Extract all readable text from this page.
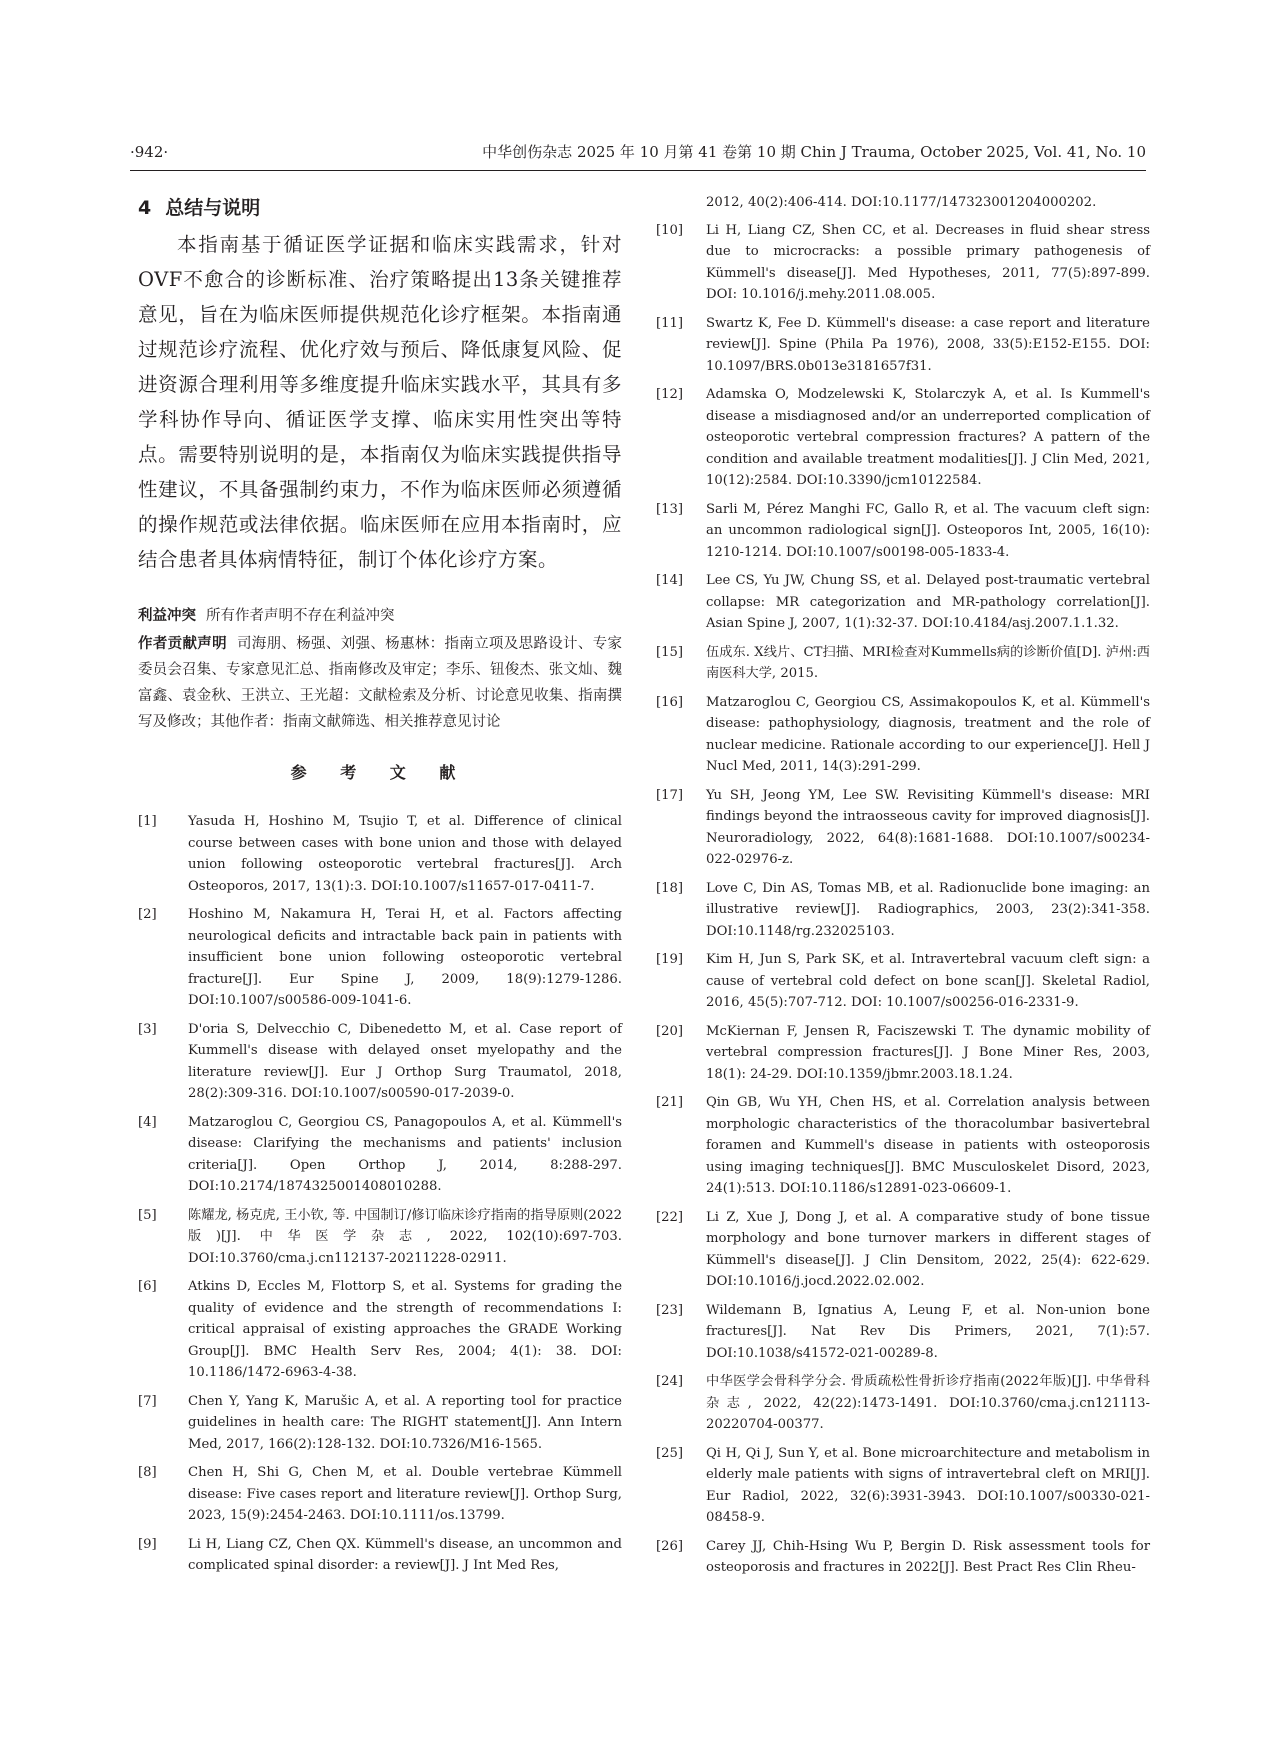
·942·	中华创伤杂志 2025 年 10 月第 41 卷第 10 期 Chin J Trauma, October 2025, Vol. 41, No. 10
4 总结与说明

本指南基于循证医学证据和临床实践需求，针对OVF不愈合的诊断标准、治疗策略提出13条关键推荐意见，旨在为临床医师提供规范化诊疗框架。本指南通过规范诊疗流程、优化疗效与预后、降低康复风险、促进资源合理利用等多维度提升临床实践水平，其具有多学科协作导向、循证医学支撑、临床实用性突出等特点。需要特别说明的是，本指南仅为临床实践提供指导性建议，不具备强制约束力，不作为临床医师必须遵循的操作规范或法律依据。临床医师在应用本指南时，应结合患者具体病情特征，制订个体化诊疗方案。

利益冲突 所有作者声明不存在利益冲突

作者贡献声明 司海朋、杨强、刘强、杨惠林：指南立项及思路设计、专家委员会召集、专家意见汇总、指南修改及审定；李乐、钮俊杰、张文灿、魏富鑫、袁金秋、王洪立、王光超：文献检索及分析、讨论意见收集、指南撰写及修改；其他作者：指南文献筛选、相关推荐意见讨论

参 考 文 献
[1]	Yasuda H, Hoshino M, Tsujio T, et al. Difference of clinical course between cases with bone union and those with delayed union following osteoporotic vertebral fractures[J]. Arch Osteoporos, 2017, 13(1):3. DOI:10.1007/s11657-017-0411-7.
[2]	Hoshino M, Nakamura H, Terai H, et al. Factors affecting neurological deficits and intractable back pain in patients with insufficient bone union following osteoporotic vertebral fracture[J]. Eur Spine J, 2009, 18(9):1279-1286. DOI:10.1007/s00586-009-1041-6.
[3]	D'oria S, Delvecchio C, Dibenedetto M, et al. Case report of Kummell's disease with delayed onset myelopathy and the literature review[J]. Eur J Orthop Surg Traumatol, 2018, 28(2):309-316. DOI:10.1007/s00590-017-2039-0.
[4]	Matzaroglou C, Georgiou CS, Panagopoulos A, et al. Kümmell's disease: Clarifying the mechanisms and patients' inclusion criteria[J]. Open Orthop J, 2014, 8:288-297. DOI:10.2174/1874325001408010288.
[5]	陈耀龙, 杨克虎, 王小钦, 等. 中国制订/修订临床诊疗指南的指导原则(2022版)[J]. 中华医学杂志, 2022, 102(10):697-703. DOI:10.3760/cma.j.cn112137-20211228-02911.
[6]	Atkins D, Eccles M, Flottorp S, et al. Systems for grading the quality of evidence and the strength of recommendations I: critical appraisal of existing approaches the GRADE Working Group[J]. BMC Health Serv Res, 2004; 4(1): 38. DOI: 10.1186/1472-6963-4-38.
[7]	Chen Y, Yang K, Marušic A, et al. A reporting tool for practice guidelines in health care: The RIGHT statement[J]. Ann Intern Med, 2017, 166(2):128-132. DOI:10.7326/M16-1565.
[8]	Chen H, Shi G, Chen M, et al. Double vertebrae Kümmell disease: Five cases report and literature review[J]. Orthop Surg, 2023, 15(9):2454-2463. DOI:10.1111/os.13799.
[9]	Li H, Liang CZ, Chen QX. Kümmell's disease, an uncommon and complicated spinal disorder: a review[J]. J Int Med Res,
2012, 40(2):406-414. DOI:10.1177/147323001204000202.
[10]	Li H, Liang CZ, Shen CC, et al. Decreases in fluid shear stress due to microcracks: a possible primary pathogenesis of Kümmell's disease[J]. Med Hypotheses, 2011, 77(5):897-899. DOI: 10.1016/j.mehy.2011.08.005.
[11]	Swartz K, Fee D. Kümmell's disease: a case report and literature review[J]. Spine (Phila Pa 1976), 2008, 33(5):E152-E155. DOI: 10.1097/BRS.0b013e3181657f31.
[12]	Adamska O, Modzelewski K, Stolarczyk A, et al. Is Kummell's disease a misdiagnosed and/or an underreported complication of osteoporotic vertebral compression fractures? A pattern of the condition and available treatment modalities[J]. J Clin Med, 2021, 10(12):2584. DOI:10.3390/jcm10122584.
[13]	Sarli M, Pérez Manghi FC, Gallo R, et al. The vacuum cleft sign: an uncommon radiological sign[J]. Osteoporos Int, 2005, 16(10): 1210-1214. DOI:10.1007/s00198-005-1833-4.
[14]	Lee CS, Yu JW, Chung SS, et al. Delayed post-traumatic vertebral collapse: MR categorization and MR-pathology correlation[J]. Asian Spine J, 2007, 1(1):32-37. DOI:10.4184/asj.2007.1.1.32.
[15]	伍成东. X线片、CT扫描、MRI检查对Kummells病的诊断价值[D]. 泸州:西南医科大学, 2015.
[16]	Matzaroglou C, Georgiou CS, Assimakopoulos K, et al. Kümmell's disease: pathophysiology, diagnosis, treatment and the role of nuclear medicine. Rationale according to our experience[J]. Hell J Nucl Med, 2011, 14(3):291-299.
[17]	Yu SH, Jeong YM, Lee SW. Revisiting Kümmell's disease: MRI findings beyond the intraosseous cavity for improved diagnosis[J]. Neuroradiology, 2022, 64(8):1681-1688. DOI:10.1007/s00234-022-02976-z.
[18]	Love C, Din AS, Tomas MB, et al. Radionuclide bone imaging: an illustrative review[J]. Radiographics, 2003, 23(2):341-358. DOI:10.1148/rg.232025103.
[19]	Kim H, Jun S, Park SK, et al. Intravertebral vacuum cleft sign: a cause of vertebral cold defect on bone scan[J]. Skeletal Radiol, 2016, 45(5):707-712. DOI: 10.1007/s00256-016-2331-9.
[20]	McKiernan F, Jensen R, Faciszewski T. The dynamic mobility of vertebral compression fractures[J]. J Bone Miner Res, 2003, 18(1): 24-29. DOI:10.1359/jbmr.2003.18.1.24.
[21]	Qin GB, Wu YH, Chen HS, et al. Correlation analysis between morphologic characteristics of the thoracolumbar basivertebral foramen and Kummell's disease in patients with osteoporosis using imaging techniques[J]. BMC Musculoskelet Disord, 2023, 24(1):513. DOI:10.1186/s12891-023-06609-1.
[22]	Li Z, Xue J, Dong J, et al. A comparative study of bone tissue morphology and bone turnover markers in different stages of Kümmell's disease[J]. J Clin Densitom, 2022, 25(4): 622-629. DOI:10.1016/j.jocd.2022.02.002.
[23]	Wildemann B, Ignatius A, Leung F, et al. Non-union bone fractures[J]. Nat Rev Dis Primers, 2021, 7(1):57. DOI:10.1038/s41572-021-00289-8.
[24]	中华医学会骨科学分会. 骨质疏松性骨折诊疗指南(2022年版)[J]. 中华骨科杂志, 2022, 42(22):1473-1491. DOI:10.3760/cma.j.cn121113-20220704-00377.
[25]	Qi H, Qi J, Sun Y, et al. Bone microarchitecture and metabolism in elderly male patients with signs of intravertebral cleft on MRI[J]. Eur Radiol, 2022, 32(6):3931-3943. DOI:10.1007/s00330-021-08458-9.
[26]	Carey JJ, Chih-Hsing Wu P, Bergin D. Risk assessment tools for osteoporosis and fractures in 2022[J]. Best Pract Res Clin Rheu-
